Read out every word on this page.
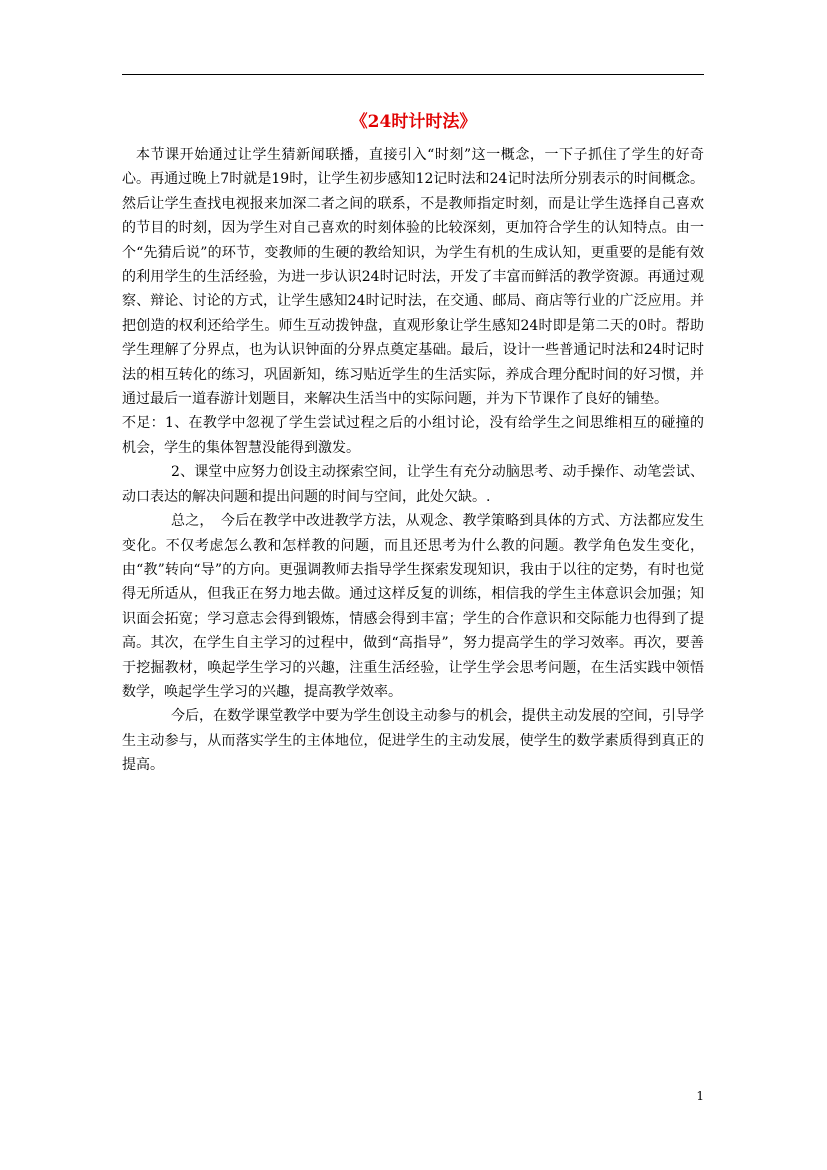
《24时计时法》

本节课开始通过让学生猜新闻联播，直接引入“时刻”这一概念，一下子抓住了学生的好奇心。再通过晚上7时就是19时，让学生初步感知12记时法和24记时法所分别表示的时间概念。然后让学生查找电视报来加深二者之间的联系，不是教师指定时刻，而是让学生选择自己喜欢的节目的时刻，因为学生对自己喜欢的时刻体验的比较深刻，更加符合学生的认知特点。由一个“先猜后说”的环节，变教师的生硬的教给知识，为学生有机的生成认知，更重要的是能有效的利用学生的生活经验，为进一步认识24时记时法，开发了丰富而鲜活的教学资源。再通过观察、辩论、讨论的方式，让学生感知24时记时法，在交通、邮局、商店等行业的广泛应用。并把创造的权利还给学生。师生互动拨钟盘，直观形象让学生感知24时即是第二天的0时。帮助学生理解了分界点，也为认识钟面的分界点奠定基础。最后，设计一些普通记时法和24时记时法的相互转化的练习，巩固新知，练习贴近学生的生活实际，养成合理分配时间的好习惯，并通过最后一道春游计划题目，来解决生活当中的实际问题，并为下节课作了良好的铺垫。

不足：1、在教学中忽视了学生尝试过程之后的小组讨论，没有给学生之间思维相互的碰撞的机会，学生的集体智慧没能得到激发。

2、课堂中应努力创设主动探索空间，让学生有充分动脑思考、动手操作、动笔尝试、动口表达的解决问题和提出问题的时间与空间，此处欠缺。.

总之，　今后在教学中改进教学方法，从观念、教学策略到具体的方式、方法都应发生变化。不仅考虑怎么教和怎样教的问题，而且还思考为什么教的问题。教学角色发生变化，由“教”转向“导”的方向。更强调教师去指导学生探索发现知识，我由于以往的定势，有时也觉得无所适从，但我正在努力地去做。通过这样反复的训练，相信我的学生主体意识会加强；知识面会拓宽；学习意志会得到锻炼，情感会得到丰富；学生的合作意识和交际能力也得到了提高。其次，在学生自主学习的过程中，做到“高指导”，努力提高学生的学习效率。再次，要善于挖掘教材，唤起学生学习的兴趣，注重生活经验，让学生学会思考问题，在生活实践中领悟数学，唤起学生学习的兴趣，提高教学效率。

今后，在数学课堂教学中要为学生创设主动参与的机会，提供主动发展的空间，引导学生主动参与，从而落实学生的主体地位，促进学生的主动发展，使学生的数学素质得到真正的提高。

1
